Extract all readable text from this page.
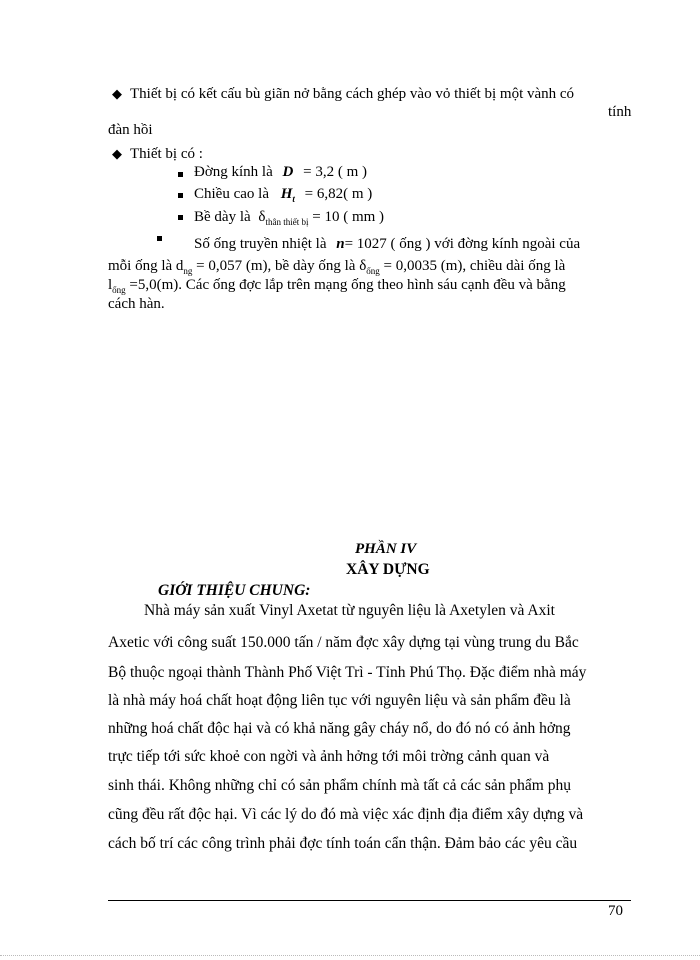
◆ Thiết bị có kết cấu bù giãn nở bằng cách ghép vào vỏ thiết bị một vành có
tính
đàn hồi
◆ Thiết bị có :
Đờng kính là D = 3,2 ( m )
Chiều cao là $H_t = 6,82$( m )
Bề dày là $\delta_{thân thiết bị} = 10$ ( mm )
Số ống truyền nhiệt là n= 1027 ( ống ) với đờng kính ngoài của
mỗi ống là $d_{ng} = 0,057$ (m), bề dày ống là $\delta_{ống} = 0,0035$ (m), chiều dài ống là
$l_{ống} =5,0(m)$. Các ống đợc lắp trên mạng ống theo hình sáu cạnh đều và bằng
cách hàn.
PHẦN IV
XÂY DỰNG
GIỚI THIỆU CHUNG:
Nhà máy sản xuất Vinyl Axetat từ nguyên liệu là Axetylen và Axit
Axetic với công suất 150.000 tấn / năm đợc xây dựng tại vùng trung du Bắc
Bộ thuộc ngoại thành Thành Phố Việt Trì - Tỉnh Phú Thọ. Đặc điểm nhà máy
là nhà máy hoá chất hoạt động liên tục với nguyên liệu và sản phẩm đều là
những hoá chất độc hại và có khả năng gây cháy nổ, do đó nó có ảnh hởng
trực tiếp tới sức khoẻ con ngời và ảnh hởng tới môi trờng cảnh quan và
sinh thái. Không những chỉ có sản phẩm chính mà tất cả các sản phẩm phụ
cũng đều rất độc hại. Vì các lý do đó mà việc xác định địa điểm xây dựng và
cách bố trí các công trình phải đợc tính toán cẩn thận. Đảm bảo các yêu cầu
70
